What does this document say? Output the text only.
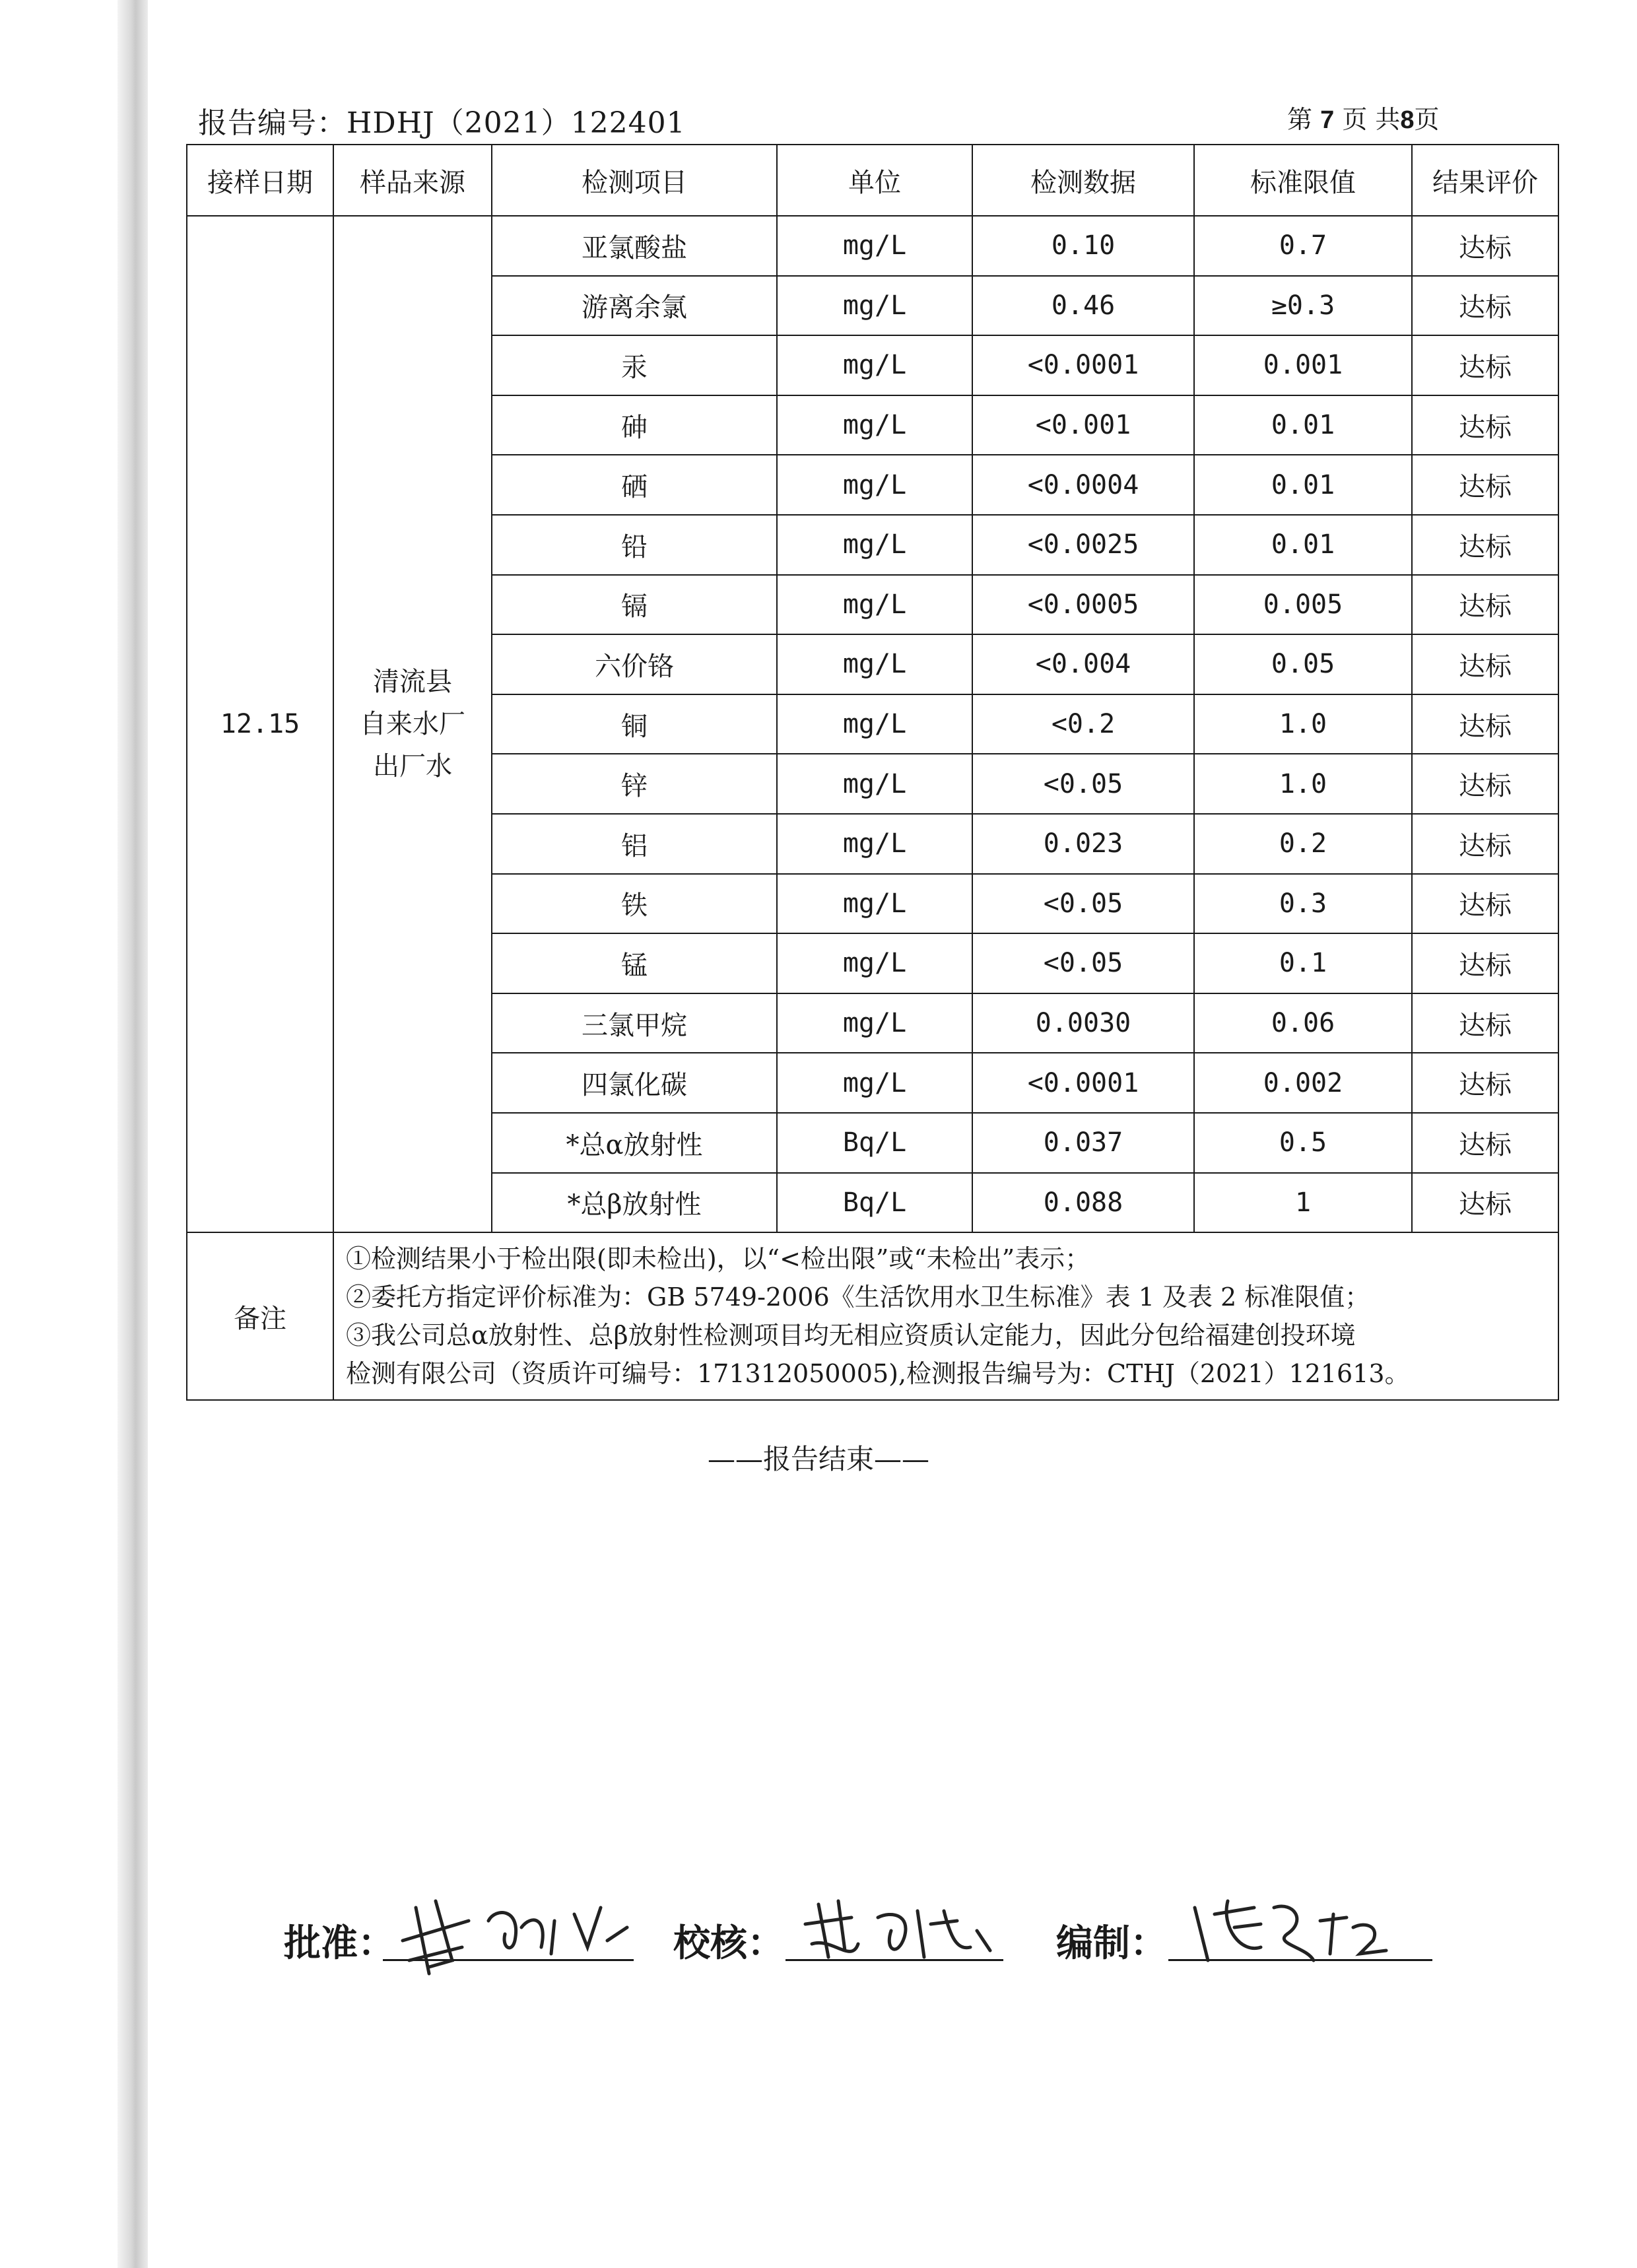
报告编号：HDHJ（2021）122401	第 7 页 共8页
接样日期	样品来源	检测项目	单位	检测数据	标准限值	结果评价
12.15	清流县
自来水厂
出厂水	亚氯酸盐	mg/L	0.10	0.7	达标
		游离余氯	mg/L	0.46	≥0.3	达标
		汞	mg/L	<0.0001	0.001	达标
		砷	mg/L	<0.001	0.01	达标
		硒	mg/L	<0.0004	0.01	达标
		铅	mg/L	<0.0025	0.01	达标
		镉	mg/L	<0.0005	0.005	达标
		六价铬	mg/L	<0.004	0.05	达标
		铜	mg/L	<0.2	1.0	达标
		锌	mg/L	<0.05	1.0	达标
		铝	mg/L	0.023	0.2	达标
		铁	mg/L	<0.05	0.3	达标
		锰	mg/L	<0.05	0.1	达标
		三氯甲烷	mg/L	0.0030	0.06	达标
		四氯化碳	mg/L	<0.0001	0.002	达标
		*总α放射性	Bq/L	0.037	0.5	达标
		*总β放射性	Bq/L	0.088	1	达标
备注	①检测结果小于检出限(即未检出)，以“<检出限”或“未检出”表示；
②委托方指定评价标准为：GB 5749-2006《生活饮用水卫生标准》表 1 及表 2 标准限值；
③我公司总α放射性、总β放射性检测项目均无相应资质认定能力，因此分包给福建创投环境
检测有限公司（资质许可编号：171312050005),检测报告编号为：CTHJ（2021）121613。					
——报告结束——
批准：	校核：	编制：
